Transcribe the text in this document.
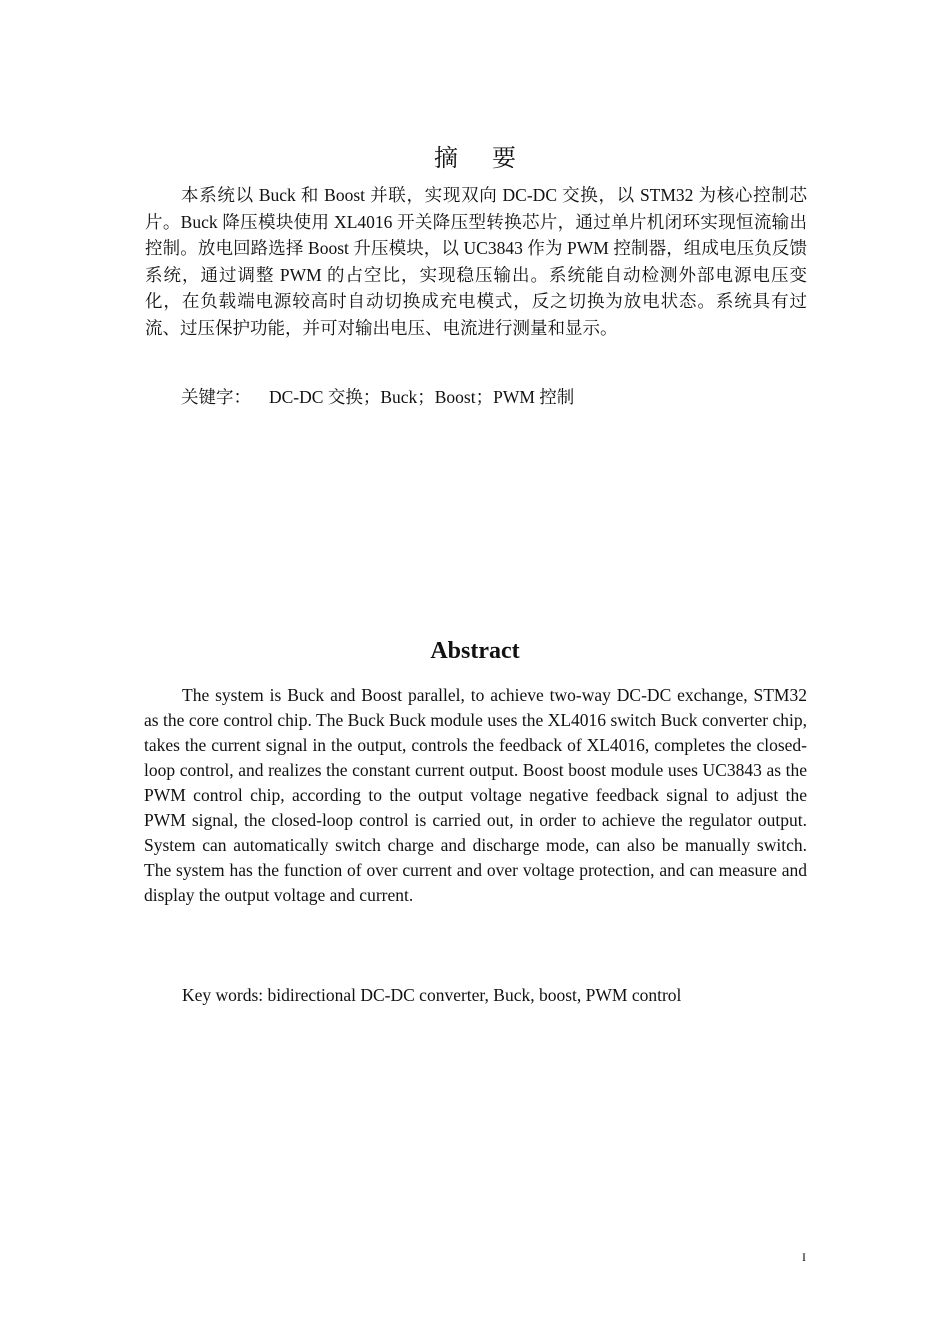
摘要

本系统以 Buck 和 Boost 并联，实现双向 DC-DC 交换，以 STM32 为核心控制芯片。Buck 降压模块使用 XL4016 开关降压型转换芯片，通过单片机闭环实现恒流输出控制。放电回路选择 Boost 升压模块，以 UC3843 作为 PWM 控制器，组成电压负反馈系统，通过调整 PWM 的占空比，实现稳压输出。系统能自动检测外部电源电压变化，在负载端电源较高时自动切换成充电模式，反之切换为放电状态。系统具有过流、过压保护功能，并可对输出电压、电流进行测量和显示。

关键字： DC-DC 交换；Buck；Boost；PWM 控制
Abstract

The system is Buck and Boost parallel, to achieve two-way DC-DC exchange, STM32 as the core control chip. The Buck Buck module uses the XL4016 switch Buck converter chip, takes the current signal in the output, controls the feedback of XL4016, completes the closed-loop control, and realizes the constant current output. Boost boost module uses UC3843 as the PWM control chip, according to the output voltage negative feedback signal to adjust the PWM signal, the closed-loop control is carried out, in order to achieve the regulator output. System can automatically switch charge and discharge mode, can also be manually switch. The system has the function of over current and over voltage protection, and can measure and display the output voltage and current.

Key words: bidirectional DC-DC converter, Buck, boost, PWM control
I
